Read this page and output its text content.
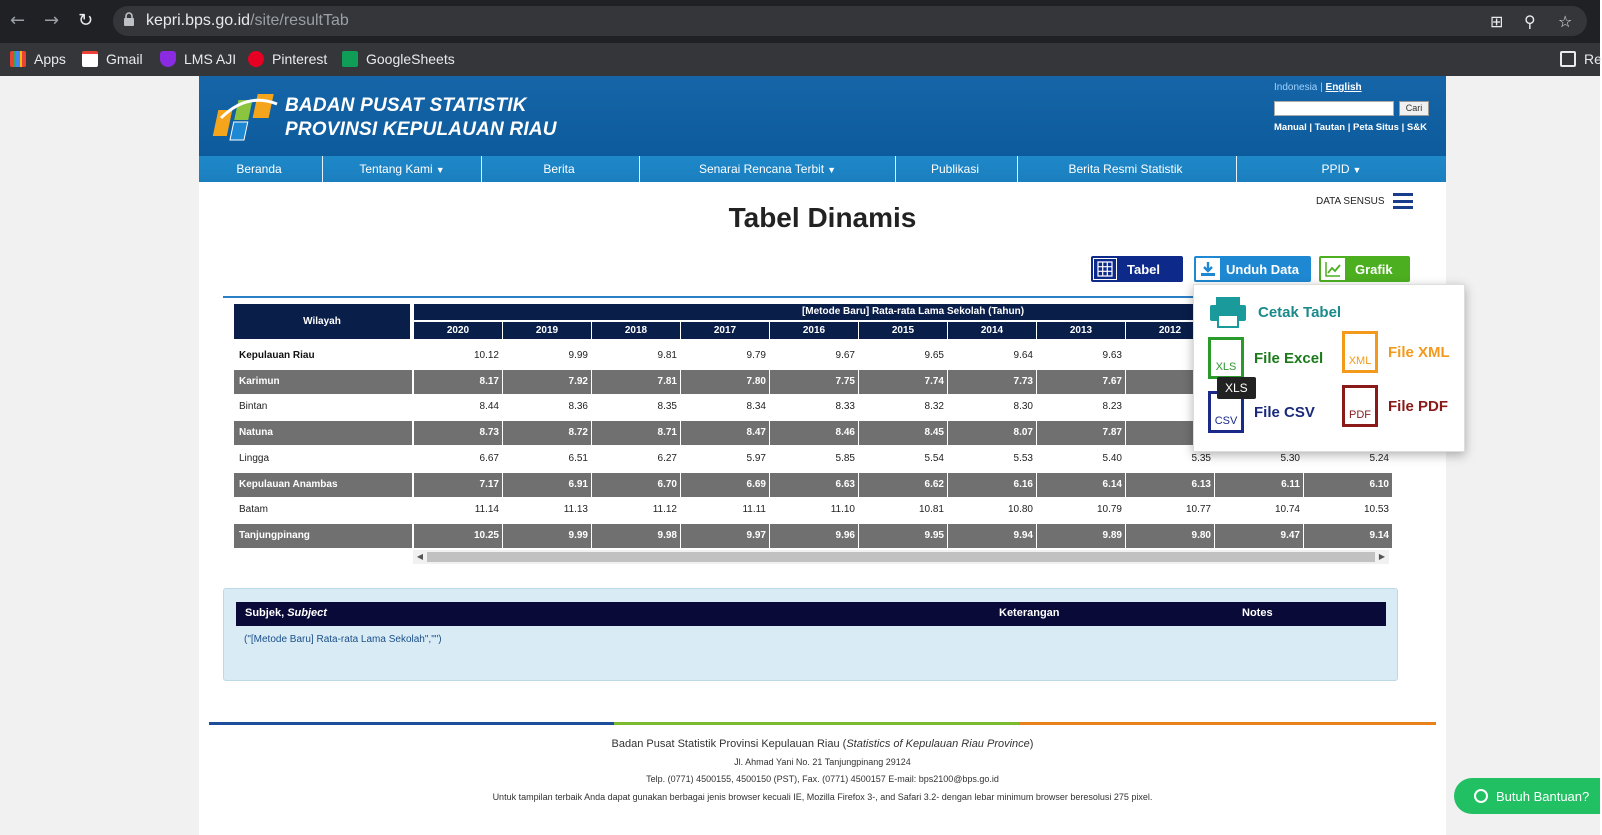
← → ↻	kepri.bps.go.id/site/resultTab	⊞ ⚲ ☆
Apps	Gmail	LMS AJI	Pinterest	GoogleSheets	Re
BADAN PUSAT STATISTIK
PROVINSI KEPULAUAN RIAU
Indonesia | English
Cari
Manual | Tautan | Peta Situs | S&K
Beranda	Tentang Kami ▼	Berita	Senarai Rencana Terbit ▼	Publikasi	Berita Resmi Statistik	PPID ▼
DATA SENSUS
Tabel Dinamis
Tabel	Unduh Data	Grafik
Wilayah
[Metode Baru] Rata-rata Lama Sekolah (Tahun)
2020	2019	2018	2017	2016	2015	2014	2013	2012
Kepulauan Riau	10.12	9.99	9.81	9.79	9.67	9.65	9.64	9.63
Karimun	8.17	7.92	7.81	7.80	7.75	7.74	7.73	7.67
Bintan	8.44	8.36	8.35	8.34	8.33	8.32	8.30	8.23
Natuna	8.73	8.72	8.71	8.47	8.46	8.45	8.07	7.87
Lingga	6.67	6.51	6.27	5.97	5.85	5.54	5.53	5.40	5.35	5.30	5.24
Kepulauan Anambas	7.17	6.91	6.70	6.69	6.63	6.62	6.16	6.14	6.13	6.11	6.10
Batam	11.14	11.13	11.12	11.11	11.10	10.81	10.80	10.79	10.77	10.74	10.53
Tanjungpinang	10.25	9.99	9.98	9.97	9.96	9.95	9.94	9.89	9.80	9.47	9.14
◀	▶
Subjek, Subject	Keterangan	Notes
("[Metode Baru] Rata-rata Lama Sekolah","")
Badan Pusat Statistik Provinsi Kepulauan Riau (Statistics of Kepulauan Riau Province)
Jl. Ahmad Yani No. 21 Tanjungpinang 29124
Telp. (0771) 4500155, 4500150 (PST), Fax. (0771) 4500157 E-mail: bps2100@bps.go.id
Untuk tampilan terbaik Anda dapat gunakan berbagai jenis browser kecuali IE, Mozilla Firefox 3-, and Safari 3.2- dengan lebar minimum browser beresolusi 275 pixel.
Cetak Tabel
XLS
File Excel	XML
File XML
CSV
File CSV	PDF
File PDF
XLS
Butuh Bantuan?
